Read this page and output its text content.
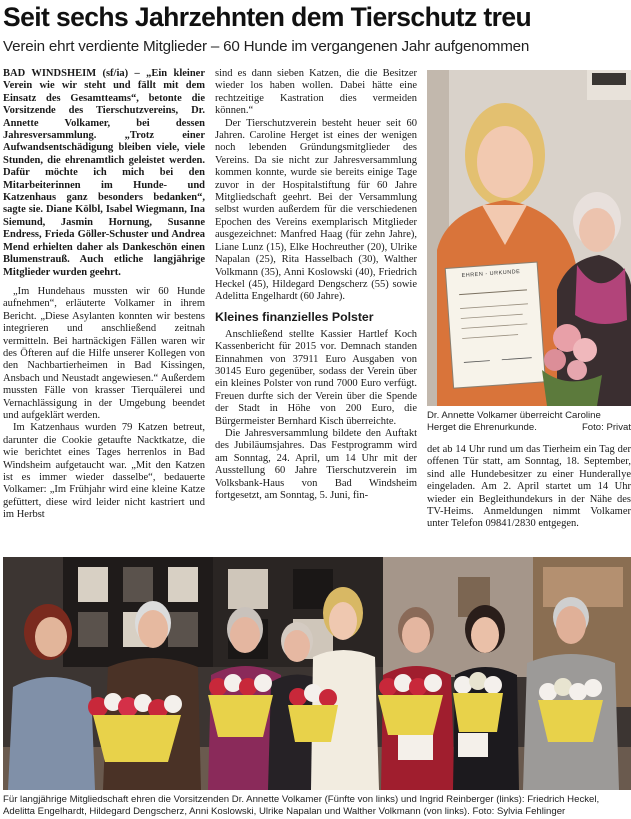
Seit sechs Jahrzehnten dem Tierschutz treu
Verein ehrt verdiente Mitglieder – 60 Hunde im vergangenen Jahr aufgenommen

BAD WINDSHEIM (sf/ia) – „Ein kleiner Verein wie wir steht und fällt mit dem Einsatz des Gesamtteams“, betonte die Vorsitzende des Tierschutzvereins, Dr. Annette Volkamer, bei dessen Jahresversammlung. „Trotz einer Aufwandsentschädigung bleiben viele, viele Stunden, die ehrenamtlich geleistet werden. Dafür möchte ich mich bei den Mitarbeiterinnen im Hunde- und Katzenhaus ganz besonders bedanken“, sagte sie. Diane Kölbl, Isabel Wiegmann, Ina Siemund, Jasmin Hornung, Susanne Endress, Frieda Göller-Schuster und Andrea Mend erhielten daher als Dankeschön einen Blumenstrauß. Auch etliche langjährige Mitglieder wurden geehrt.

„Im Hundehaus mussten wir 60 Hunde aufnehmen“, erläuterte Volkamer in ihrem Bericht. „Diese Asylanten konnten wir bestens integrieren und anschließend zeitnah vermitteln. Bei hartnäckigen Fällen waren wir des Öfteren auf die Hilfe unserer Kollegen von den Nachbartierheimen in Bad Kissingen, Ansbach und Neustadt angewiesen.“ Außerdem mussten Fälle von krasser Tierquälerei und Vernachlässigung in der Umgebung beendet und aufgeklärt werden.

Im Katzenhaus wurden 79 Katzen betreut, darunter die Cookie getaufte Nacktkatze, die wie berichtet eines Tages herrenlos in Bad Windsheim aufgetaucht war. „Mit den Katzen ist es immer wieder dasselbe“, bedauerte Volkamer: „Im Frühjahr wird eine kleine Katze gefüttert, diese wird leider nicht kastriert und im Herbst

sind es dann sieben Katzen, die die Besitzer wieder los haben wollen. Dabei hätte eine rechtzeitige Kastration dies vermeiden können.“

Der Tierschutzverein besteht heuer seit 60 Jahren. Caroline Herget ist eines der wenigen noch lebenden Gründungsmitglieder des Vereins. Da sie nicht zur Jahresversammlung kommen konnte, wurde sie bereits einige Tage zuvor in der Hospitalstiftung für 60 Jahre Mitgliedschaft geehrt. Bei der Versammlung selbst wurden außerdem für die verschiedenen Epochen des Vereins exemplarisch Mitglieder ausgezeichnet: Manfred Haag (für zehn Jahre), Liane Lunz (15), Elke Hochreuther (20), Ulrike Napalan (25), Rita Hasselbach (30), Walther Volkmann (35), Anni Koslowski (40), Friedrich Heckel (45), Hildegard Dengscherz (55) sowie Adelitta Engelhardt (60 Jahre).

Kleines finanzielles Polster

Anschließend stellte Kassier Hartlef Koch Kassenbericht für 2015 vor. Demnach standen Einnahmen von 37911 Euro Ausgaben von 30145 Euro gegenüber, sodass der Verein über ein kleines Polster von rund 7000 Euro verfügt. Freuen durfte sich der Verein über die Spende der Stadt in Höhe von 200 Euro, die Bürgermeister Bernhard Kisch überreichte.

Die Jahresversammlung bildete den Auftakt des Jubiläumsjahres. Das Festprogramm wird am Sonntag, 24. April, um 14 Uhr mit der Ausstellung 60 Jahre Tierschutzverein im Volksbank-Haus von Bad Windsheim fortgesetzt, am Sonntag, 5. Juni, fin-

det ab 14 Uhr rund um das Tierheim ein Tag der offenen Tür statt, am Sonntag, 18. September, sind alle Hundebesitzer zu einer Hunderallye eingeladen. Am 2. April startet um 14 Uhr wieder ein Begleithundekurs in der Nähe des TV-Heims. Anmeldungen nimmt Volkamer unter Telefon 09841/2830 entgegen.

EHREN - URKUNDE
Dr. Annette Volkamer überreicht Caroline Herget die Ehrenurkunde.	Foto: Privat
Für langjährige Mitgliedschaft ehren die Vorsitzenden Dr. Annette Volkamer (Fünfte von links) und Ingrid Reinberger (links): Friedrich Heckel, Adelitta Engelhardt, Hildegard Dengscherz, Anni Koslowski, Ulrike Napalan und Walther Volkmann (von links). Foto: Sylvia Fehlinger
